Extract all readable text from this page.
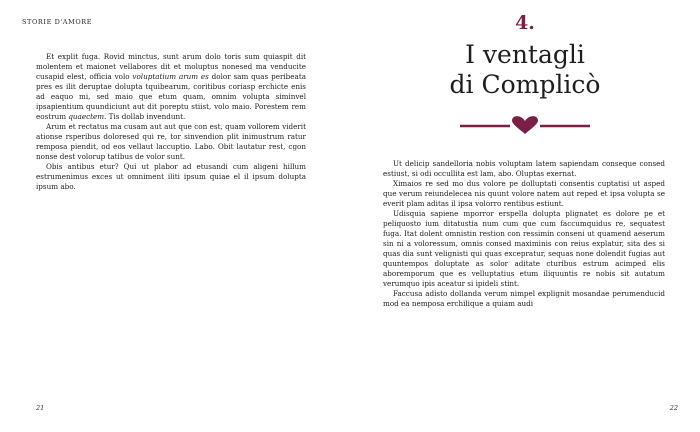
STORIE D'AMORE

Et explit fuga. Rovid minctus, sunt arum dolo toris sum quiaspit dit molentem et maionet vellabores dit et moluptus nonesed ma venducite cusapid elest, officia volo voluptatium arum es dolor sam quas peribeata pres es ilit deruptae dolupta tquibearum, coritibus coriasp erchicte enis ad eaquo mi, sed maio que etum quam, omnim volupta siminvel ipsapientium quundiciunt aut dit poreptu stiist, volo maio. Porestem rem eostrum quaectem. Tis dollab invendunt.

Arum et rectatus ma cusam aut aut que con est, quam vollorem viderit ationse rsperibus doloresed qui re, tor sinvendion plit inimustrum ratur remposa piendit, od eos vellaut laccuptio. Labo. Obit lautatur rest, cgon nonse dest volorup tatibus de volor sunt.

Obis antibus etur? Qui ut plabor ad etusandi cum aligeni hillum estrumenimus exces ut omniment iliti ipsum quiae el il ipsum dolupta ipsum abo.

21
4.
I ventagli
di Complicò

Ut delicip sandelloria nobis voluptam latem sapiendam conseque consed estiust, si odi occullita est lam, abo. Oluptas exernat.

Ximaios re sed mo dus volore pe dolluptati consentis cuptatisi ut asped que verum reiundelecea nis quunt volore natem aut reped et ipsa volupta se everit plam aditas il ipsa volorro rentibus estiunt.

Udisquia sapiene mporror erspella dolupta plignatet es dolore pe et peliquosto ium ditatustia num cum que cum faccumquidus re, sequatest fuga. Itat dolent omnistin restion con ressimin conseni ut quamend aeserum sin ni a voloressum, omnis consed maximinis con reius explatur, sita des si quas dia sunt velignisti qui quas excepratur, sequas none dolendit fugias aut quuntempos doluptate as solor aditate cturibus estrum acimped elis aboremporum que es velluptatius etum iliquuntis re nobis sit autatum verumquo ipis aceatur si ipideli stint.

Faccusa adisto dollanda verum nimpel explignit mosandae perumenducid mod ea nemposa erchilique a quiam audi

22
